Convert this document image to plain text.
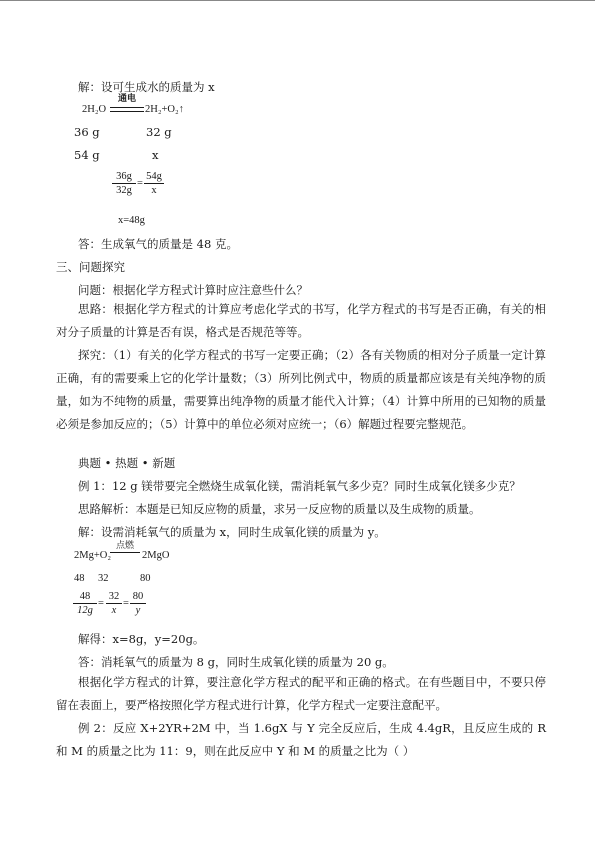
解：设可生成水的质量为 x
2H₂O
通电
2H₂+O₂↑
36 g	32 g
54 g	x
$\frac{36g}{32g} = \frac{54g}{x}$
x=48g
答：生成氧气的质量是 48 克。
三、问题探究
问题：根据化学方程式计算时应注意些什么？
思路：根据化学方程式的计算应考虑化学式的书写，化学方程式的书写是否正确，有关的相对分子质量的计算是否有误，格式是否规范等等。
探究：（1）有关的化学方程式的书写一定要正确；（2）各有关物质的相对分子质量一定计算正确，有的需要乘上它的化学计量数；（3）所列比例式中，物质的质量都应该是有关纯净物的质量，如为不纯物的质量，需要算出纯净物的质量才能代入计算；（4）计算中所用的已知物的质量必须是参加反应的；（5）计算中的单位必须对应统一；（6）解题过程要完整规范。
典题 • 热题 • 新题
例 1：12 g 镁带要完全燃烧生成氧化镁，需消耗氧气多少克？同时生成氧化镁多少克？
思路解析：本题是已知反应物的质量，求另一反应物的质量以及生成物的质量。
解：设需消耗氧气的质量为 x，同时生成氧化镁的质量为 y。
2Mg+O₂
点燃
2MgO
48 32	80
$\frac{48}{12g} = \frac{32}{x} = \frac{80}{y}$
解得：x=8g，y=20g。
答：消耗氧气的质量为 8 g，同时生成氧化镁的质量为 20 g。
根据化学方程式的计算，要注意化学方程式的配平和正确的格式。在有些题目中，不要只停留在表面上，要严格按照化学方程式进行计算，化学方程式一定要注意配平。
例 2：反应 X+2YR+2M 中，当 1.6gX 与 Y 完全反应后，生成 4.4gR，且反应生成的 R 和 M 的质量之比为 11：9，则在此反应中 Y 和 M 的质量之比为（ ）
